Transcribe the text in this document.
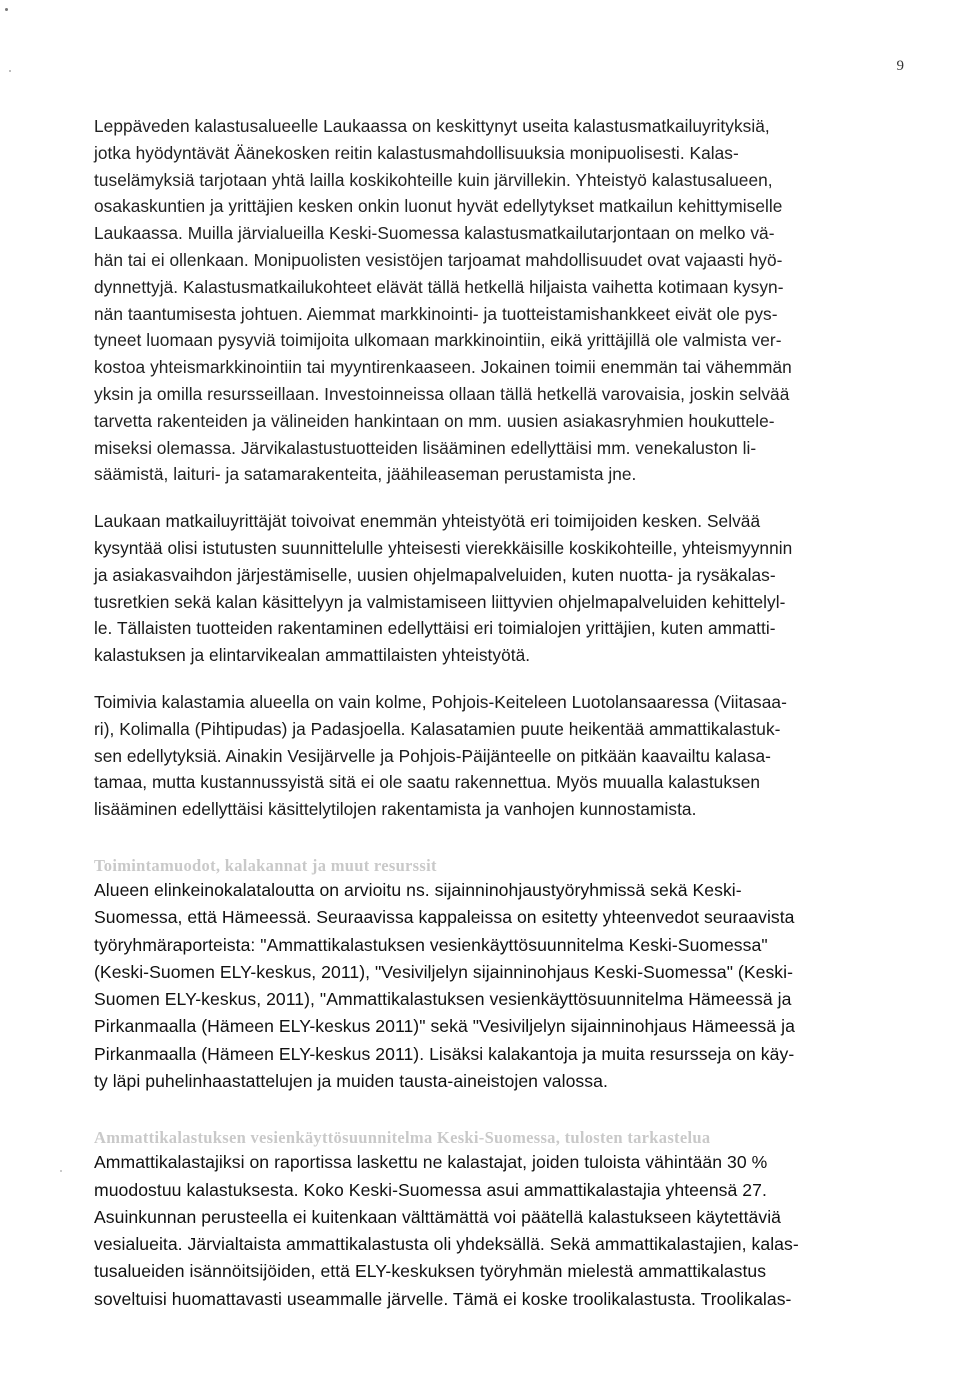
9

Leppäveden kalastusalueelle Laukaassa on keskittynyt useita kalastusmatkailuyrityksiä,
jotka hyödyntävät Äänekosken reitin kalastusmahdollisuuksia monipuolisesti. Kalas-
tuselämyksiä tarjotaan yhtä lailla koskikohteille kuin järvillekin. Yhteistyö kalastusalueen,
osakaskuntien ja yrittäjien kesken onkin luonut hyvät edellytykset matkailun kehittymiselle
Laukaassa. Muilla järvialueilla Keski-Suomessa kalastusmatkailutarjontaan on melko vä-
hän tai ei ollenkaan. Monipuolisten vesistöjen tarjoamat mahdollisuudet ovat vajaasti hyö-
dynnettyjä. Kalastusmatkailukohteet elävät tällä hetkellä hiljaista vaihetta kotimaan kysyn-
nän taantumisesta johtuen. Aiemmat markkinointi- ja tuotteistamishankkeet eivät ole pys-
tyneet luomaan pysyviä toimijoita ulkomaan markkinointiin, eikä yrittäjillä ole valmista ver-
kostoa yhteismarkkinointiin tai myyntirenkaaseen. Jokainen toimii enemmän tai vähemmän
yksin ja omilla resursseillaan. Investoinneissa ollaan tällä hetkellä varovaisia, joskin selvää
tarvetta rakenteiden ja välineiden hankintaan on mm. uusien asiakasryhmien houkuttele-
miseksi olemassa. Järvikalastustuotteiden lisääminen edellyttäisi mm. venekaluston li-
säämistä, laituri- ja satamarakenteita, jäähileaseman perustamista jne.

Laukaan matkailuyrittäjät toivoivat enemmän yhteistyötä eri toimijoiden kesken. Selvää
kysyntää olisi istutusten suunnittelulle yhteisesti vierekkäisille koskikohteille, yhteismyynnin
ja asiakasvaihdon järjestämiselle, uusien ohjelmapalveluiden, kuten nuotta- ja rysäkalas-
tusretkien sekä kalan käsittelyyn ja valmistamiseen liittyvien ohjelmapalveluiden kehittelyl-
le. Tällaisten tuotteiden rakentaminen edellyttäisi eri toimialojen yrittäjien, kuten ammatti-
kalastuksen ja elintarvikealan ammattilaisten yhteistyötä.

Toimivia kalastamia alueella on vain kolme, Pohjois-Keiteleen Luotolansaaressa (Viitasaa-
ri), Kolimalla (Pihtipudas) ja Padasjoella. Kalasatamien puute heikentää ammattikalastuk-
sen edellytyksiä. Ainakin Vesijärvelle ja Pohjois-Päijänteelle on pitkään kaavailtu kalasa-
tamaa, mutta kustannussyistä sitä ei ole saatu rakennettua. Myös muualla kalastuksen
lisääminen edellyttäisi käsittelytilojen rakentamista ja vanhojen kunnostamista.

Toimintamuodot, kalakannat ja muut resurssit

Alueen elinkeinokalataloutta on arvioitu ns. sijainninohjaustyöryhmissä sekä Keski-
Suomessa, että Hämeessä. Seuraavissa kappaleissa on esitetty yhteenvedot seuraavista
työryhmäraporteista: "Ammattikalastuksen vesienkäyttösuunnitelma Keski-Suomessa"
(Keski-Suomen ELY-keskus, 2011), "Vesiviljelyn sijainninohjaus Keski-Suomessa" (Keski-
Suomen ELY-keskus, 2011), "Ammattikalastuksen vesienkäyttösuunnitelma Hämeessä ja
Pirkanmaalla (Hämeen ELY-keskus 2011)" sekä "Vesiviljelyn sijainninohjaus Hämeessä ja
Pirkanmaalla (Hämeen ELY-keskus 2011). Lisäksi kalakantoja ja muita resursseja on käy-
ty läpi puhelinhaastattelujen ja muiden tausta-aineistojen valossa.

Ammattikalastuksen vesienkäyttösuunnitelma Keski-Suomessa, tulosten tarkastelua

Ammattikalastajiksi on raportissa laskettu ne kalastajat, joiden tuloista vähintään 30 %
muodostuu kalastuksesta. Koko Keski-Suomessa asui ammattikalastajia yhteensä 27.
Asuinkunnan perusteella ei kuitenkaan välttämättä voi päätellä kalastukseen käytettäviä
vesialueita. Järvialtaista ammattikalastusta oli yhdeksällä. Sekä ammattikalastajien, kalas-
tusalueiden isännöitsijöiden, että ELY-keskuksen työryhmän mielestä ammattikalastus
soveltuisi huomattavasti useammalle järvelle. Tämä ei koske troolikalastusta. Troolikalas-
